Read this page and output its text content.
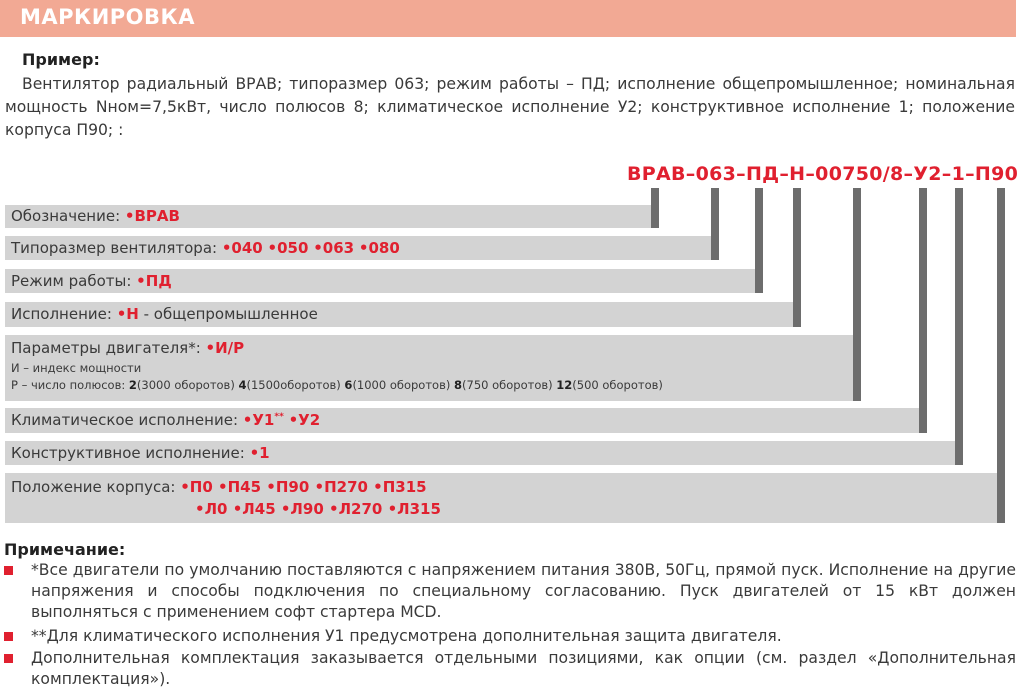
МАРКИРОВКА
Пример:
Вентилятор радиальный ВРАВ; типоразмер 063; режим работы – ПД; исполнение общепромышленное; номинальная мощность Nном=7,5кВт, число полюсов 8; климатическое исполнение У2; конструктивное исполнение 1; положение корпуса П90; :
ВРАВ–063–ПД–Н–00750/8–У2–1–П90
Обозначение: •ВРАВ
Типоразмер вентилятора: •040 •050 •063 •080
Режим работы: •ПД
Исполнение: •Н - общепромышленное
Параметры двигателя*: •И/Р
И – индекс мощности
Р – число полюсов: 2(3000 оборотов) 4(1500оборотов) 6(1000 оборотов) 8(750 оборотов) 12(500 оборотов)
Климатическое исполнение: •У1** •У2
Конструктивное исполнение: •1
Положение корпуса: •П0 •П45 •П90 •П270 •П315
•Л0 •Л45 •Л90 •Л270 •Л315
Примечание:
*Все двигатели по умолчанию поставляются с напряжением питания 380В, 50Гц, прямой пуск. Исполнение на другие напряжения и способы подключения по специальному согласованию. Пуск двигателей от 15 кВт должен выполняться с применением софт стартера МСD.
**Для климатического исполнения У1 предусмотрена дополнительная защита двигателя.
Дополнительная комплектация заказывается отдельными позициями, как опции (см. раздел «Дополнительная комплектация»).
